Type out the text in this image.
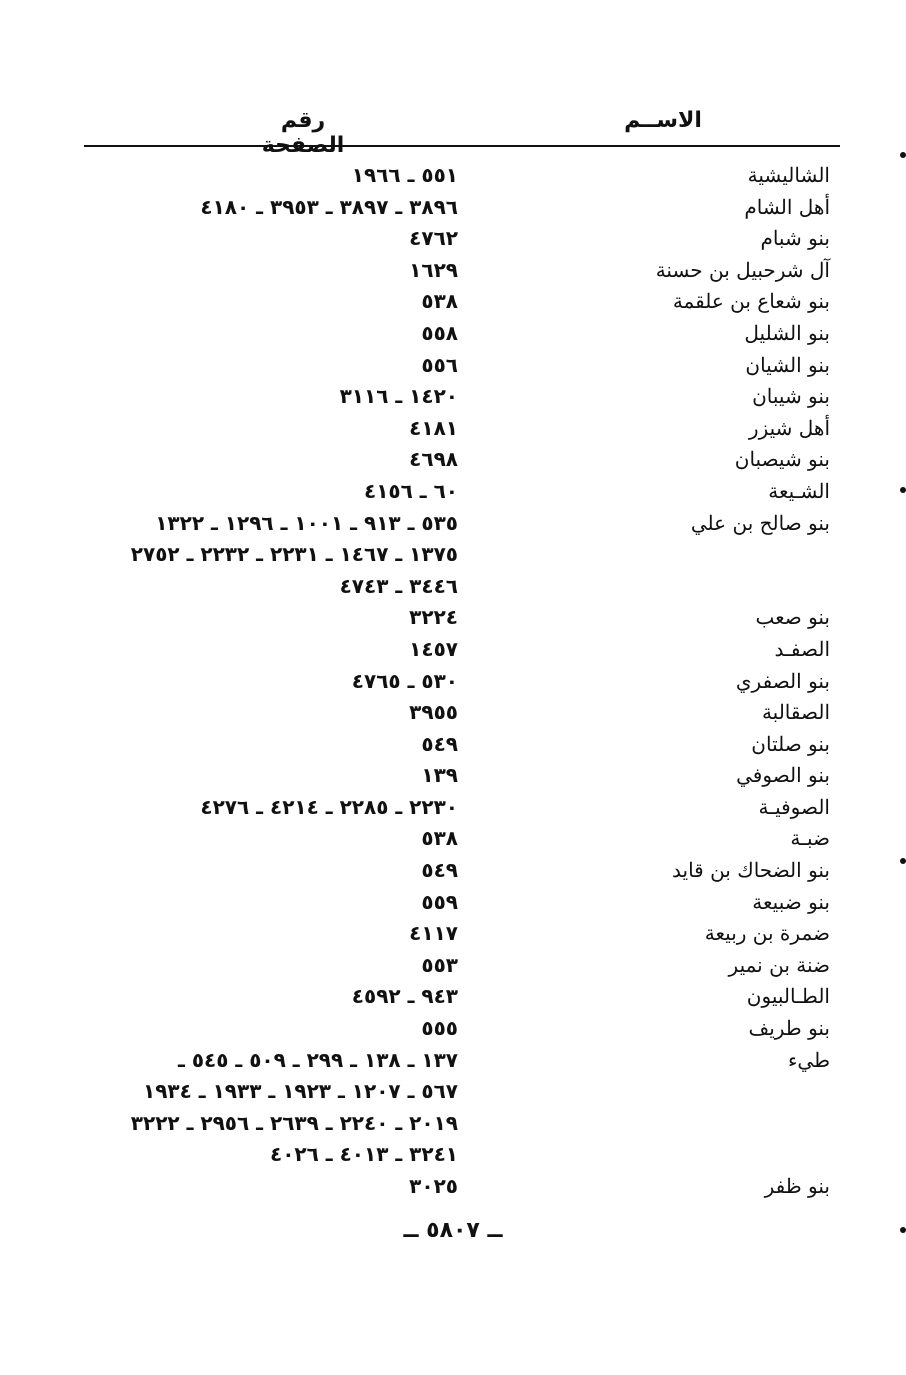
الاســم
رقم الصفحة
الشاليشية
٥٥١ ـ ١٩٦٦
أهل الشام
٣٨٩٦ ـ ٣٨٩٧ ـ ٣٩٥٣ ـ ٤١٨٠
بنو شبام
٤٧٦٢
آل شرحبيل بن حسنة
١٦٢٩
بنو شعاع بن علقمة
٥٣٨
بنو الشليل
٥٥٨
بنو الشيان
٥٥٦
بنو شيبان
١٤٢٠ ـ ٣١١٦
أهل شيزر
٤١٨١
بنو شيصبان
٤٦٩٨
الشـيعة
٦٠ ـ ٤١٥٦
بنو صالح بن علي
٥٣٥ ـ ٩١٣ ـ ١٠٠١ ـ ١٢٩٦ ـ ١٣٢٢
١٣٧٥ ـ ١٤٦٧ ـ ٢٢٣١ ـ ٢٢٣٢ ـ ٢٧٥٢
٣٤٤٦ ـ ٤٧٤٣
بنو صعب
٣٢٢٤
الصفـد
١٤٥٧
بنو الصفري
٥٣٠ ـ ٤٧٦٥
الصقالبة
٣٩٥٥
بنو صلتان
٥٤٩
بنو الصوفي
١٣٩
الصوفيـة
٢٢٣٠ ـ ٢٢٨٥ ـ ٤٢١٤ ـ ٤٢٧٦
ضبـة
٥٣٨
بنو الضحاك بن قايد
٥٤٩
بنو ضبيعة
٥٥٩
ضمرة بن ربيعة
٤١١٧
ضنة بن نمير
٥٥٣
الطـالبيون
٩٤٣ ـ ٤٥٩٢
بنو طريف
٥٥٥
طيء
١٣٧ ـ ١٣٨ ـ ٢٩٩ ـ ٥٠٩ ـ ٥٤٥ ـ
٥٦٧ ـ ١٢٠٧ ـ ١٩٢٣ ـ ١٩٣٣ ـ ١٩٣٤
٢٠١٩ ـ ٢٢٤٠ ـ ٢٦٣٩ ـ ٢٩٥٦ ـ ٣٢٢٢
٣٢٤١ ـ ٤٠١٣ ـ ٤٠٢٦
بنو ظفر
٣٠٢٥
ــ ٥٨٠٧ ــ
